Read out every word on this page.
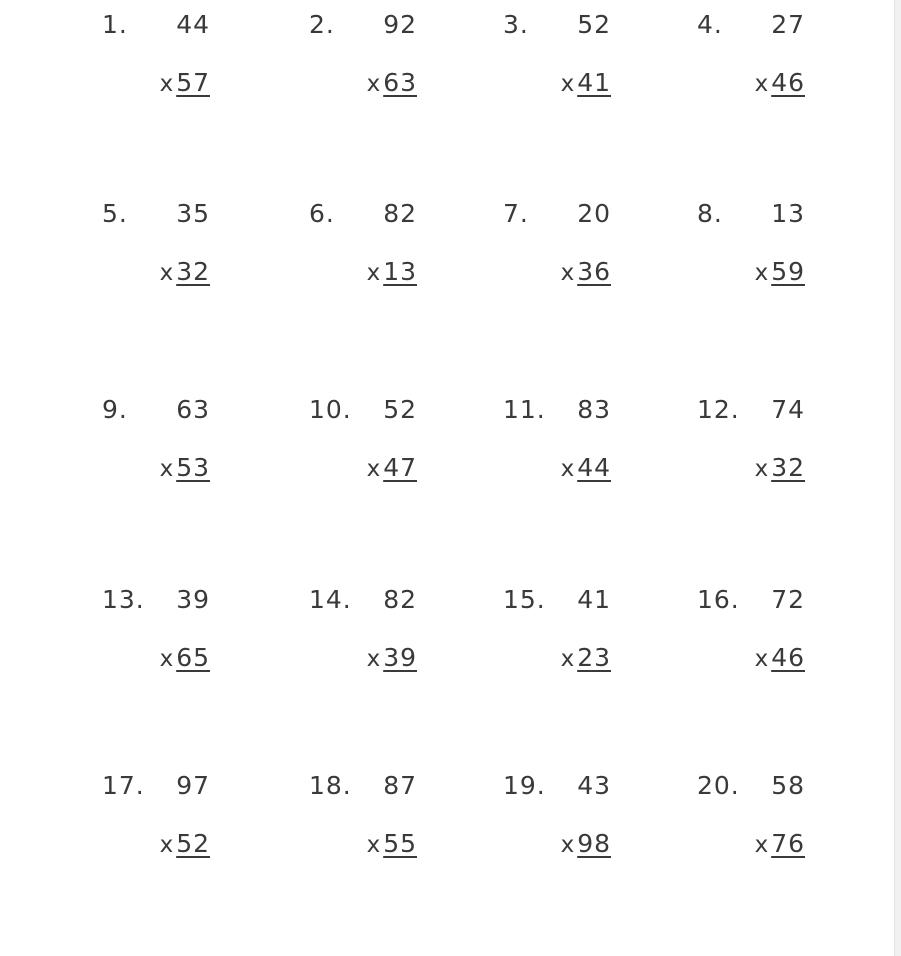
1. 44
x 57
2. 92
x 63
3. 52
x 41
4. 27
x 46
5. 35
x 32
6. 82
x 13
7. 20
x 36
8. 13
x 59
9. 63
x 53
10. 52
x 47
11. 83
x 44
12. 74
x 32
13. 39
x 65
14. 82
x 39
15. 41
x 23
16. 72
x 46
17. 97
x 52
18. 87
x 55
19. 43
x 98
20. 58
x 76
